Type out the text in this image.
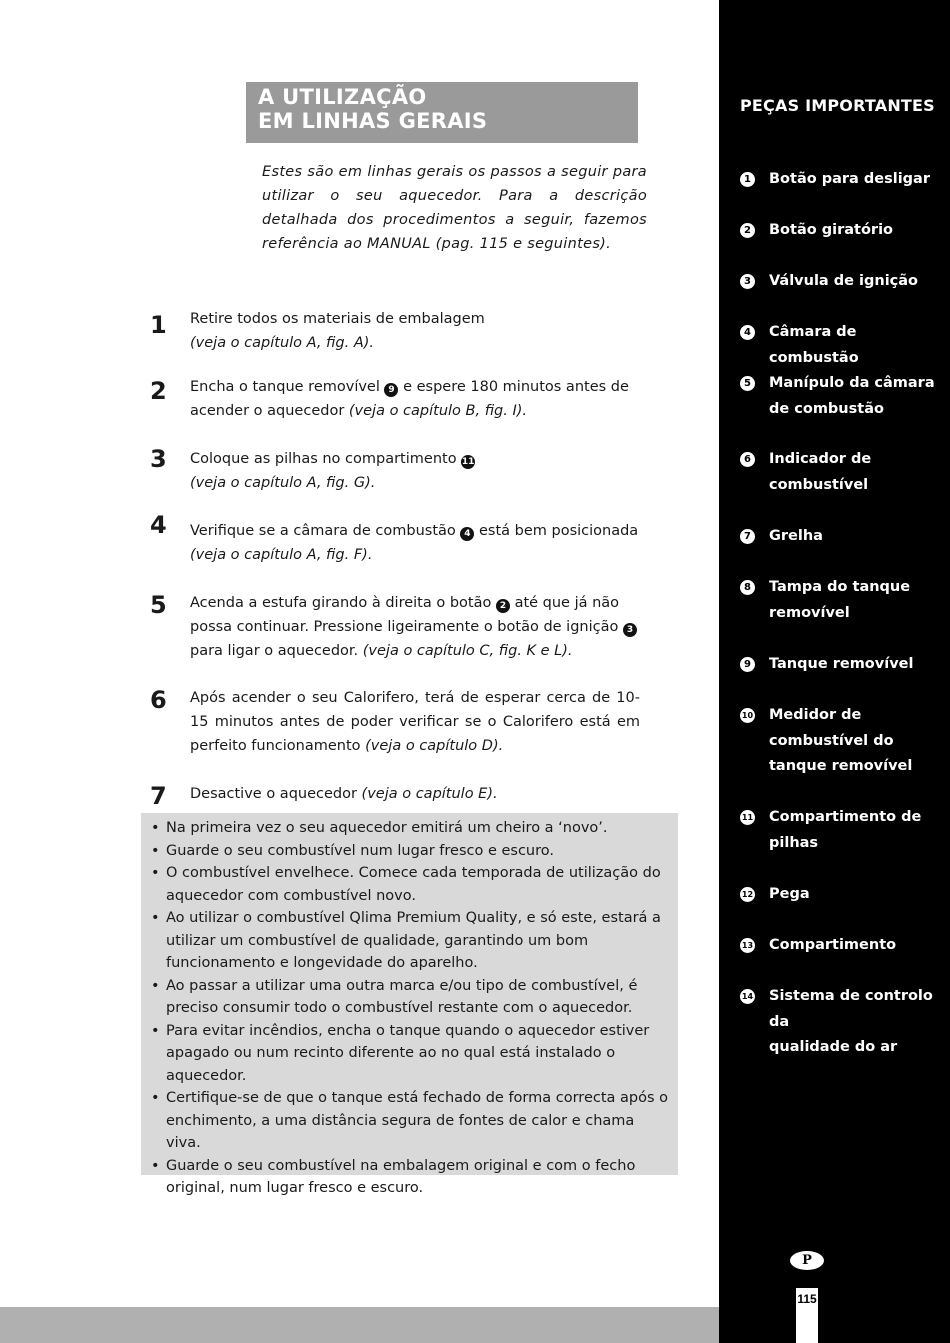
A UTILIZAÇÃO
EM LINHAS GERAIS
Estes são em linhas gerais os passos a seguir para utilizar o seu aquecedor. Para a descrição detalhada dos procedimentos a seguir, fazemos referência ao MANUAL (pag. 115 e seguintes).
1 Retire todos os materiais de embalagem
(veja o capítulo A, fig. A).
2 Encha o tanque removível 9 e espere 180 minutos antes de acender o aquecedor (veja o capítulo B, fig. I).
3 Coloque as pilhas no compartimento 11
(veja o capítulo A, fig. G).
4 Verifique se a câmara de combustão 4 está bem posicionada
(veja o capítulo A, fig. F).
5 Acenda a estufa girando à direita o botão 2 até que já não possa continuar. Pressione ligeiramente o botão de ignição 3 para ligar o aquecedor. (veja o capítulo C, fig. K e L).
6 Após acender o seu Calorifero, terá de esperar cerca de 10-15 minutos antes de poder verificar se o Calorifero está em perfeito funcionamento (veja o capítulo D).
7 Desactive o aquecedor (veja o capítulo E).
• Na primeira vez o seu aquecedor emitirá um cheiro a ‘novo’.
• Guarde o seu combustível num lugar fresco e escuro.
• O combustível envelhece. Comece cada temporada de utilização do aquecedor com combustível novo.
• Ao utilizar o combustível Qlima Premium Quality, e só este, estará a utilizar um combustível de qualidade, garantindo um bom funcionamento e longevidade do aparelho.
• Ao passar a utilizar uma outra marca e/ou tipo de combustível, é preciso consumir todo o combustível restante com o aquecedor.
• Para evitar incêndios, encha o tanque quando o aquecedor estiver apagado ou num recinto diferente ao no qual está instalado o aquecedor.
• Certifique-se de que o tanque está fechado de forma correcta após o enchimento, a uma distância segura de fontes de calor e chama viva.
• Guarde o seu combustível na embalagem original e com o fecho original, num lugar fresco e escuro.
PEÇAS IMPORTANTES
1 Botão para desligar
2 Botão giratório
3 Válvula de ignição
4 Câmara de combustão
5 Manípulo da câmara
de combustão
6 Indicador de
combustível
7 Grelha
8 Tampa do tanque
removível
9 Tanque removível
10 Medidor de
combustível do
tanque removível
11 Compartimento de
pilhas
12 Pega
13 Compartimento
14 Sistema de controlo da
qualidade do ar
P
115
